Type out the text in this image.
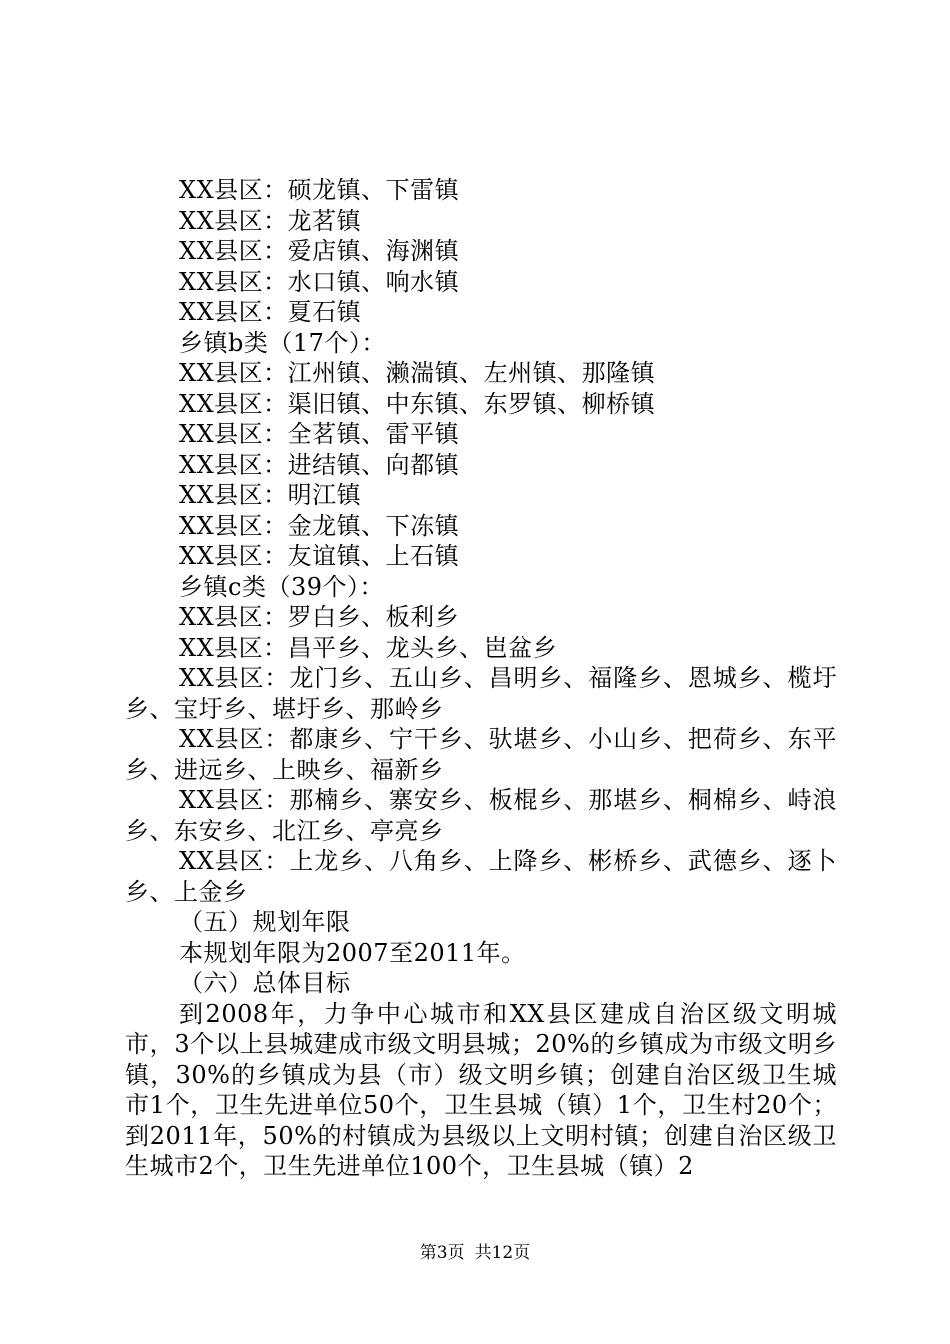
XX县区：硕龙镇、下雷镇
XX县区：龙茗镇
XX县区：爱店镇、海渊镇
XX县区：水口镇、响水镇
XX县区：夏石镇
乡镇b类（17个）：
XX县区：江州镇、濑湍镇、左州镇、那隆镇
XX县区：渠旧镇、中东镇、东罗镇、柳桥镇
XX县区：全茗镇、雷平镇
XX县区：进结镇、向都镇
XX县区：明江镇
XX县区：金龙镇、下冻镇
XX县区：友谊镇、上石镇
乡镇c类（39个）：
XX县区：罗白乡、板利乡
XX县区：昌平乡、龙头乡、岜盆乡
XX县区：龙门乡、五山乡、昌明乡、福隆乡、恩城乡、榄圩乡、宝圩乡、堪圩乡、那岭乡
XX县区：都康乡、宁干乡、驮堪乡、小山乡、把荷乡、东平乡、进远乡、上映乡、福新乡
XX县区：那楠乡、寨安乡、板棍乡、那堪乡、桐棉乡、峙浪乡、东安乡、北江乡、亭亮乡
XX县区：上龙乡、八角乡、上降乡、彬桥乡、武德乡、逐卜乡、上金乡
（五）规划年限
本规划年限为2007至2011年。
（六）总体目标
到2008年，力争中心城市和XX县区建成自治区级文明城市，3个以上县城建成市级文明县城；20%的乡镇成为市级文明乡镇，30%的乡镇成为县（市）级文明乡镇；创建自治区级卫生城市1个，卫生先进单位50个，卫生县城（镇）1个，卫生村20个；到2011年，50%的村镇成为县级以上文明村镇；创建自治区级卫生城市2个，卫生先进单位100个，卫生县城（镇）2
第3页 共12页
